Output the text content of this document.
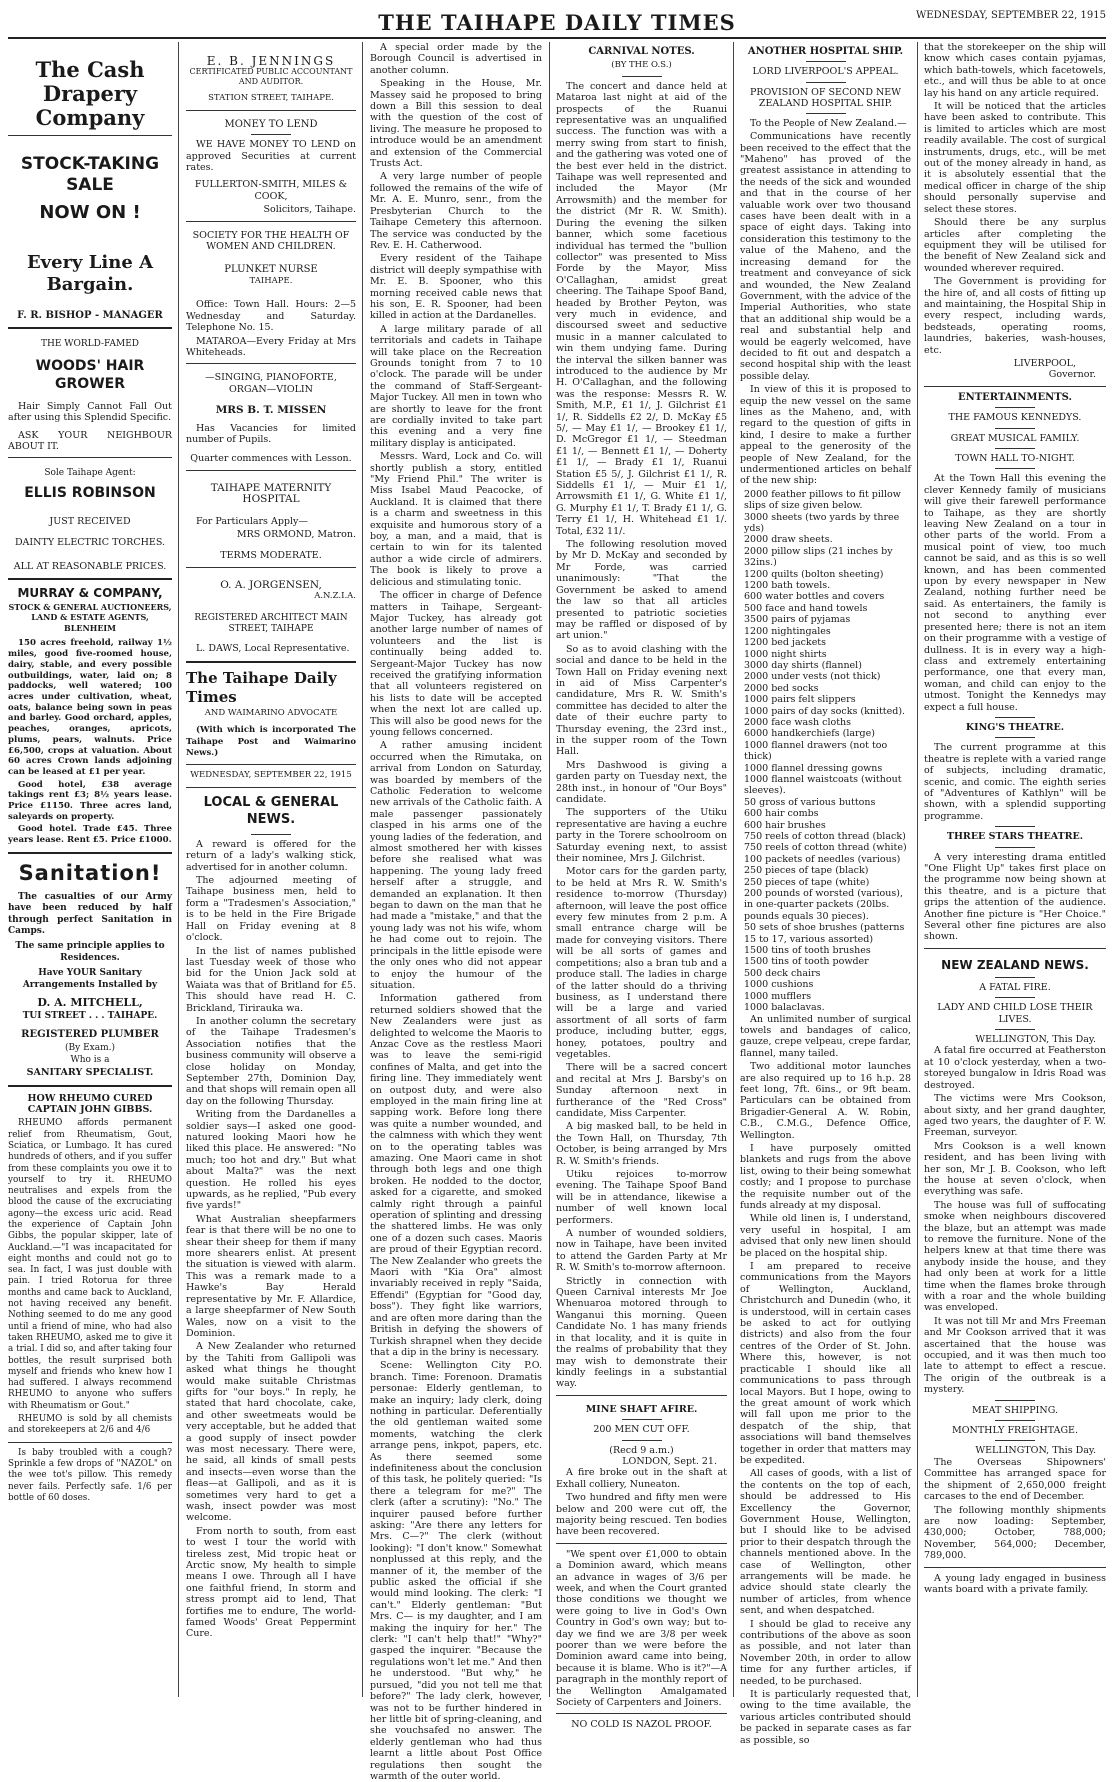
THE TAIHAPE DAILY TIMES	WEDNESDAY, SEPTEMBER 22, 1915
The Cash Drapery Company
STOCK-TAKING SALE
NOW ON !
Every Line A Bargain.
F. R. BISHOP - MANAGER
THE WORLD-FAMED
WOODS' HAIR GROWER

Hair Simply Cannot Fall Out after using this Splendid Specific.

ASK YOUR NEIGHBOUR ABOUT IT.

Sole Taihape Agent:
ELLIS ROBINSON
JUST RECEIVED
DAINTY ELECTRIC TORCHES.
ALL AT REASONABLE PRICES.
MURRAY & COMPANY,
STOCK & GENERAL AUCTIONEERS, LAND & ESTATE AGENTS,
BLENHEIM

150 acres freehold, railway 1½ miles, good five-roomed house, dairy, stable, and every possible outbuildings, water, laid on; 8 paddocks, well watered; 100 acres under cultivation, wheat, oats, balance being sown in peas and barley. Good orchard, apples, peaches, oranges, apricots, plums, pears, walnuts. Price £6,500, crops at valuation. About 60 acres Crown lands adjoining can be leased at £1 per year.

Good hotel, £38 average takings rent £3; 8½ years lease. Price £1150. Three acres land, saleyards on property.

Good hotel. Trade £45. Three years lease. Rent £5. Price £1000.

Sanitation!

The casualties of our Army have been reduced by half through perfect Sanitation in Camps.

The same principle applies to Residences.

Have YOUR Sanitary Arrangements Installed by

D. A. MITCHELL,
TUI STREET . . . TAIHAPE.
REGISTERED PLUMBER
(By Exam.)
Who is a
SANITARY SPECIALIST.
HOW RHEUMO CURED CAPTAIN JOHN GIBBS.

RHEUMO affords permanent relief from Rheumatism, Gout, Sciatica, or Lumbago. It has cured hundreds of others, and if you suffer from these complaints you owe it to yourself to try it. RHEUMO neutralises and expels from the blood the cause of the excruciating agony—the excess uric acid. Read the experience of Captain John Gibbs, the popular skipper, late of Auckland.—"I was incapacitated for eight months and could not go to sea. In fact, I was just double with pain. I tried Rotorua for three months and came back to Auckland, not having received any benefit. Nothing seemed to do me any good until a friend of mine, who had also taken RHEUMO, asked me to give it a trial. I did so, and after taking four bottles, the result surprised both myself and friends who knew how I had suffered. I always recommend RHEUMO to anyone who suffers with Rheumatism or Gout."

RHEUMO is sold by all chemists and storekeepers at 2/6 and 4/6

Is baby troubled with a cough? Sprinkle a few drops of "NAZOL" on the wee tot's pillow. This remedy never fails. Perfectly safe. 1/6 per bottle of 60 doses.

E. B. JENNINGS
CERTIFICATED PUBLIC ACCOUNTANT AND AUDITOR.
STATION STREET, TAIHAPE.
MONEY TO LEND

WE HAVE MONEY TO LEND on approved Securities at current rates.

FULLERTON-SMITH, MILES & COOK,
Solicitors, Taihape.
SOCIETY FOR THE HEALTH OF WOMEN AND CHILDREN.
PLUNKET NURSE
TAIHAPE.

Office: Town Hall. Hours: 2—5 Wednesday and Saturday. Telephone No. 15.

MATAROA—Every Friday at Mrs Whiteheads.

—SINGING, PIANOFORTE, ORGAN—VIOLIN
MRS B. T. MISSEN

Has Vacancies for limited number of Pupils.

Quarter commences with Lesson.

TAIHAPE MATERNITY HOSPITAL

For Particulars Apply—

MRS ORMOND, Matron.
TERMS MODERATE.
O. A. JORGENSEN,
A.N.Z.I.A.
REGISTERED ARCHITECT MAIN STREET, TAIHAPE

L. DAWS, Local Representative.

The Taihape Daily Times
AND WAIMARINO ADVOCATE

(With which is incorporated The Taihape Post and Waimarino News.)

WEDNESDAY, SEPTEMBER 22, 1915
LOCAL & GENERAL NEWS.

A reward is offered for the return of a lady's walking stick, advertised for in another column.

The adjourned meeting of Taihape business men, held to form a "Tradesmen's Association," is to be held in the Fire Brigade Hall on Friday evening at 8 o'clock.

In the list of names published last Tuesday week of those who bid for the Union Jack sold at Waiata was that of Britland for £5. This should have read H. C. Brickland, Tirirauka wa.

In another column the secretary of the Taihape Tradesmen's Association notifies that the business community will observe a close holiday on Monday, September 27th, Dominion Day, and that shops will remain open all day on the following Thursday.

Writing from the Dardanelles a soldier says—I asked one good-natured looking Maori how he liked this place. He answered: "No much; too hot and dry." But what about Malta?" was the next question. He rolled his eyes upwards, as he replied, "Pub every five yards!"

What Australian sheepfarmers fear is that there will be no one to shear their sheep for them if many more shearers enlist. At present the situation is viewed with alarm. This was a remark made to a Hawke's Bay Herald representative by Mr. F. Allardice, a large sheepfarmer of New South Wales, now on a visit to the Dominion.

A New Zealander who returned by the Tahiti from Gallipoli was asked what things he thought would make suitable Christmas gifts for "our boys." In reply, he stated that hard chocolate, cake, and other sweetmeats would be very acceptable, but he added that a good supply of insect powder was most necessary. There were, he said, all kinds of small pests and insects—even worse than the fleas—at Gallipoli, and as it is sometimes very hard to get a wash, insect powder was most welcome.

From north to south, from east to west I tour the world with tireless zest, Mid tropic heat or Arctic snow, My health to simple means I owe. Through all I have one faithful friend, In storm and stress prompt aid to lend, That fortifies me to endure, The world-famed Woods' Great Peppermint Cure.

A special order made by the Borough Council is advertised in another column.

Speaking in the House, Mr. Massey said he proposed to bring down a Bill this session to deal with the question of the cost of living. The measure he proposed to introduce would be an amendment and extension of the Commercial Trusts Act.

A very large number of people followed the remains of the wife of Mr. A. E. Munro, senr., from the Presbyterian Church to the Taihape Cemetery this afternoon. The service was conducted by the Rev. E. H. Catherwood.

Every resident of the Taihape district will deeply sympathise with Mr. E. B. Spooner, who this morning received cable news that his son, E. R. Spooner, had been killed in action at the Dardanelles.

A large military parade of all territorials and cadets in Taihape will take place on the Recreation Grounds tonight from 7 to 10 o'clock. The parade will be under the command of Staff-Sergeant-Major Tuckey. All men in town who are shortly to leave for the front are cordially invited to take part this evening and a very fine military display is anticipated.

Messrs. Ward, Lock and Co. will shortly publish a story, entitled "My Friend Phil." The writer is Miss Isabel Maud Peacocke, of Auckland. It is claimed that there is a charm and sweetness in this exquisite and humorous story of a boy, a man, and a maid, that is certain to win for its talented author a wide circle of admirers. The book is likely to prove a delicious and stimulating tonic.

The officer in charge of Defence matters in Taihape, Sergeant-Major Tuckey, has already got another large number of names of volunteers and the list is continually being added to. Sergeant-Major Tuckey has now received the gratifying information that all volunteers registered on his lists to date will be accepted when the next lot are called up. This will also be good news for the young fellows concerned.

A rather amusing incident occurred when the Rimutaka, on arrival from London on Saturday, was boarded by members of the Catholic Federation to welcome new arrivals of the Catholic faith. A male passenger passionately clasped in his arms one of the young ladies of the federation, and almost smothered her with kisses before she realised what was happening. The young lady freed herself after a struggle, and demanded an explanation. It then began to dawn on the man that he had made a "mistake," and that the young lady was not his wife, whom he had come out to rejoin. The principals in the little episode were the only ones who did not appear to enjoy the humour of the situation.

Information gathered from returned soldiers showed that the New Zealanders were just as delighted to welcome the Maoris to Anzac Cove as the restless Maori was to leave the semi-rigid confines of Malta, and get into the firing line. They immediately went on outpost duty, and were also employed in the main firing line at sapping work. Before long there was quite a number wounded, and the calmness with which they went on to the operating tables was amazing. One Maori came in shot through both legs and one thigh broken. He nodded to the doctor, asked for a cigarette, and smoked calmly right through a painful operation of splinting and dressing the shattered limbs. He was only one of a dozen such cases. Maoris are proud of their Egyptian record. The New Zealander who greets the Maori with "Kia Ora" almost invariably received in reply "Saida, Effendi" (Egyptian for "Good day, boss"). They fight like warriors, and are often more daring than the British in defying the showers of Turkish shrapnel when they decide that a dip in the briny is necessary.

Scene: Wellington City P.O. branch. Time: Forenoon. Dramatis personae: Elderly gentleman, to make an inquiry; lady clerk, doing nothing in particular. Deferentially the old gentleman waited some moments, watching the clerk arrange pens, inkpot, papers, etc. As there seemed some indefiniteness about the conclusion of this task, he politely queried: "Is there a telegram for me?" The clerk (after a scrutiny): "No." The inquirer paused before further asking: "Are there any letters for Mrs. C—?" The clerk (without looking): "I don't know." Somewhat nonplussed at this reply, and the manner of it, the member of the public asked the official if she would mind looking. The clerk: "I can't." Elderly gentleman: "But Mrs. C— is my daughter, and I am making the inquiry for her." The clerk: "I can't help that!" "Why?" gasped the inquirer. "Because the regulations won't let me." And then he understood. "But why," he pursued, "did you not tell me that before?" The lady clerk, however, was not to be further hindered in her little bit of spring-cleaning, and she vouchsafed no answer. The elderly gentleman who had thus learnt a little about Post Office regulations then sought the warmth of the outer world.

CARNIVAL NOTES.
(BY THE O.S.)

The concert and dance held at Mataroa last night at aid of the prospects of the Ruanui representative was an unqualified success. The function was with a merry swing from start to finish, and the gathering was voted one of the best ever held in the district. Taihape was well represented and included the Mayor (Mr Arrowsmith) and the member for the district (Mr R. W. Smith). During the evening the silken banner, which some facetious individual has termed the "bullion collector" was presented to Miss Forde by the Mayor, Miss O'Callaghan, amidst great cheering. The Taihape Spoof Band, headed by Brother Peyton, was very much in evidence, and discoursed sweet and seductive music in a manner calculated to win them undying fame. During the interval the silken banner was introduced to the audience by Mr H. O'Callaghan, and the following was the response: Messrs R. W. Smith, M.P., £1 1/, J. Gilchrist £1 1/, R. Siddells £2 2/, D. McKay £5 5/, — May £1 1/, — Brookey £1 1/, D. McGregor £1 1/, — Steedman £1 1/, — Bennett £1 1/, — Doherty £1 1/, — Brady £1 1/, Ruanui Station £5 5/, J. Gilchrist £1 1/, R. Siddells £1 1/, — Muir £1 1/, Arrowsmith £1 1/, G. White £1 1/, G. Murphy £1 1/, T. Brady £1 1/, G. Terry £1 1/, H. Whitehead £1 1/. Total, £32 11/.

The following resolution moved by Mr D. McKay and seconded by Mr Forde, was carried unanimously: "That the Government be asked to amend the law so that all articles presented to patriotic societies may be raffled or disposed of by art union."

So as to avoid clashing with the social and dance to be held in the Town Hall on Friday evening next in aid of Miss Carpenter's candidature, Mrs R. W. Smith's committee has decided to alter the date of their euchre party to Thursday evening, the 23rd inst., in the supper room of the Town Hall.

Mrs Dashwood is giving a garden party on Tuesday next, the 28th inst., in honour of "Our Boys" candidate.

The supporters of the Utiku representative are having a euchre party in the Torere schoolroom on Saturday evening next, to assist their nominee, Mrs J. Gilchrist.

Motor cars for the garden party, to be held at Mrs R. W. Smith's residence to-morrow (Thursday) afternoon, will leave the post office every few minutes from 2 p.m. A small entrance charge will be made for conveying visitors. There will be all sorts of games and competitions; also a bran tub and a produce stall. The ladies in charge of the latter should do a thriving business, as I understand there will be a large and varied assortment of all sorts of farm produce, including butter, eggs, honey, potatoes, poultry and vegetables.

There will be a sacred concert and recital at Mrs J. Barsby's on Sunday afternoon next in furtherance of the "Red Cross" candidate, Miss Carpenter.

A big masked ball, to be held in the Town Hall, on Thursday, 7th October, is being arranged by Mrs R. W. Smith's friends.

Utiku rejoices to-morrow evening. The Taihape Spoof Band will be in attendance, likewise a number of well known local performers.

A number of wounded soldiers, now in Taihape, have been invited to attend the Garden Party at Mr R. W. Smith's to-morrow afternoon.

Strictly in connection with Queen Carnival interests Mr Joe Whenuaroa motored through to Wanganui this morning. Queen Candidate No. 1 has many friends in that locality, and it is quite in the realms of probability that they may wish to demonstrate their kindly feelings in a substantial way.

MINE SHAFT AFIRE.
200 MEN CUT OFF.
(Recd 9 a.m.)
LONDON, Sept. 21.

A fire broke out in the shaft at Exhall colliery, Nuneaton.

Two hundred and fifty men were below and 200 were cut off, the majority being rescued. Ten bodies have been recovered.

"We spent over £1,000 to obtain a Dominion award, which means an advance in wages of 3/6 per week, and when the Court granted those conditions we thought we were going to live in God's Own Country in God's own way; but to-day we find we are 3/8 per week poorer than we were before the Dominion award came into being, because it is blame. Who is it?"—A paragraph in the monthly report of the Wellington Amalgamated Society of Carpenters and Joiners.

NO COLD IS NAZOL PROOF.
ANOTHER HOSPITAL SHIP.
LORD LIVERPOOL'S APPEAL.
PROVISION OF SECOND NEW ZEALAND HOSPITAL SHIP.

To the People of New Zealand.—

Communications have recently been received to the effect that the "Maheno" has proved of the greatest assistance in attending to the needs of the sick and wounded and that in the course of her valuable work over two thousand cases have been dealt with in a space of eight days. Taking into consideration this testimony to the value of the Maheno, and the increasing demand for the treatment and conveyance of sick and wounded, the New Zealand Government, with the advice of the Imperial Authorities, who state that an additional ship would be a real and substantial help and would be eagerly welcomed, have decided to fit out and despatch a second hospital ship with the least possible delay.

In view of this it is proposed to equip the new vessel on the same lines as the Maheno, and, with regard to the question of gifts in kind, I desire to make a further appeal to the generosity of the people of New Zealand, for the undermentioned articles on behalf of the new ship:

2000 feather pillows to fit pillow slips of size given below.
3000 sheets (two yards by three yds)
2000 draw sheets.
2000 pillow slips (21 inches by 32ins.)
1200 quilts (bolton sheeting)
1200 bath towels.
600 water bottles and covers
500 face and hand towels
3500 pairs of pyjamas
1200 nightingales
1200 bed jackets
1000 night shirts
3000 day shirts (flannel)
2000 under vests (not thick)
2000 bed socks
1000 pairs felt slippers
1000 pairs of day socks (knitted).
2000 face wash cloths
6000 handkerchiefs (large)
1000 flannel drawers (not too thick)
1000 flannel dressing gowns
1000 flannel waistcoats (without sleeves).
50 gross of various buttons
600 hair combs
600 hair brushes
750 reels of cotton thread (black)
750 reels of cotton thread (white)
100 packets of needles (various)
250 pieces of tape (black)
250 pieces of tape (white)
200 pounds of worsted (various), in one-quarter packets (20lbs. pounds equals 30 pieces).
50 sets of shoe brushes (patterns 15 to 17, various assorted)
1500 tins of tooth brushes
1500 tins of tooth powder
500 deck chairs
1000 cushions
1000 mufflers
1000 balaclavas.

An unlimited number of surgical towels and bandages of calico, gauze, crepe velpeau, crepe fardar, flannel, many tailed.

Two additional motor launches are also required up to 16 h.p. 28 feet long, 7ft. 6ins., or 9ft beam. Particulars can be obtained from Brigadier-General A. W. Robin, C.B., C.M.G., Defence Office, Wellington.

I have purposely omitted blankets and rugs from the above list, owing to their being somewhat costly; and I propose to purchase the requisite number out of the funds already at my disposal.

While old linen is, I understand, very useful in hospital, I am advised that only new linen should be placed on the hospital ship.

I am prepared to receive communications from the Mayors of Wellington, Auckland, Christchurch and Dunedin (who, it is understood, will in certain cases be asked to act for outlying districts) and also from the four centres of the Order of St. John. Where this, however, is not practicable I should like all communications to pass through local Mayors. But I hope, owing to the great amount of work which will fall upon me prior to the despatch of the ship, that associations will band themselves together in order that matters may be expedited.

All cases of goods, with a list of the contents on the top of each, should be addressed to His Excellency the Governor, Government House, Wellington, but I should like to be advised prior to their despatch through the channels mentioned above. In the case of Wellington, other arrangements will be made. he advice should state clearly the number of articles, from whence sent, and when despatched.

I should be glad to receive any contributions of the above as soon as possible, and not later than November 20th, in order to allow time for any further articles, if needed, to be purchased.

It is particularly requested that, owing to the time available, the various articles contributed should be packed in separate cases as far as possible, so

that the storekeeper on the ship will know which cases contain pyjamas, which bath-towels, which facetowels, etc., and will thus be able to at once lay his hand on any article required.

It will be noticed that the articles have been asked to contribute. This is limited to articles which are most readily available. The cost of surgical instruments, drugs, etc., will be met out of the money already in hand, as it is absolutely essential that the medical officer in charge of the ship should personally supervise and select these stores.

Should there be any surplus articles after completing the equipment they will be utilised for the benefit of New Zealand sick and wounded wherever required.

The Government is providing for the hire of, and all costs of fitting up and maintaining, the Hospital Ship in every respect, including wards, bedsteads, operating rooms, laundries, bakeries, wash-houses, etc.

LIVERPOOL,
Governor.
ENTERTAINMENTS.
THE FAMOUS KENNEDYS.
GREAT MUSICAL FAMILY.
TOWN HALL TO-NIGHT.

At the Town Hall this evening the clever Kennedy family of musicians will give their farewell performance to Taihape, as they are shortly leaving New Zealand on a tour in other parts of the world. From a musical point of view, too much cannot be said, and as this is so well known, and has been commented upon by every newspaper in New Zealand, nothing further need be said. As entertainers, the family is not second to anything ever presented here; there is not an item on their programme with a vestige of dullness. It is in every way a high-class and extremely entertaining performance, one that every man, woman, and child can enjoy to the utmost. Tonight the Kennedys may expect a full house.

KING'S THEATRE.

The current programme at this theatre is replete with a varied range of subjects, including dramatic, scenic, and comic. The eighth series of "Adventures of Kathlyn" will be shown, with a splendid supporting programme.

THREE STARS THEATRE.

A very interesting drama entitled "One Flight Up" takes first place on the programme now being shown at this theatre, and is a picture that grips the attention of the audience. Another fine picture is "Her Choice." Several other fine pictures are also shown.

NEW ZEALAND NEWS.
A FATAL FIRE.
LADY AND CHILD LOSE THEIR LIVES.
WELLINGTON, This Day.

A fatal fire occurred at Featherston at 10 o'clock yesterday, when a two-storeyed bungalow in Idris Road was destroyed.

The victims were Mrs Cookson, about sixty, and her grand daughter, aged two years, the daughter of F. W. Freeman, surveyor.

Mrs Cookson is a well known resident, and has been living with her son, Mr J. B. Cookson, who left the house at seven o'clock, when everything was safe.

The house was full of suffocating smoke when neighbours discovered the blaze, but an attempt was made to remove the furniture. None of the helpers knew at that time there was anybody inside the house, and they had only been at work for a little time when the flames broke through with a roar and the whole building was enveloped.

It was not till Mr and Mrs Freeman and Mr Cookson arrived that it was ascertained that the house was occupied, and it was then much too late to attempt to effect a rescue. The origin of the outbreak is a mystery.

MEAT SHIPPING.
MONTHLY FREIGHTAGE.
WELLINGTON, This Day.

The Overseas Shipowners' Committee has arranged space for the shipment of 2,650,000 freight carcases to the end of December.

The following monthly shipments are now loading: September, 430,000; October, 788,000; November, 564,000; December, 789,000.

A young lady engaged in business wants board with a private family.
